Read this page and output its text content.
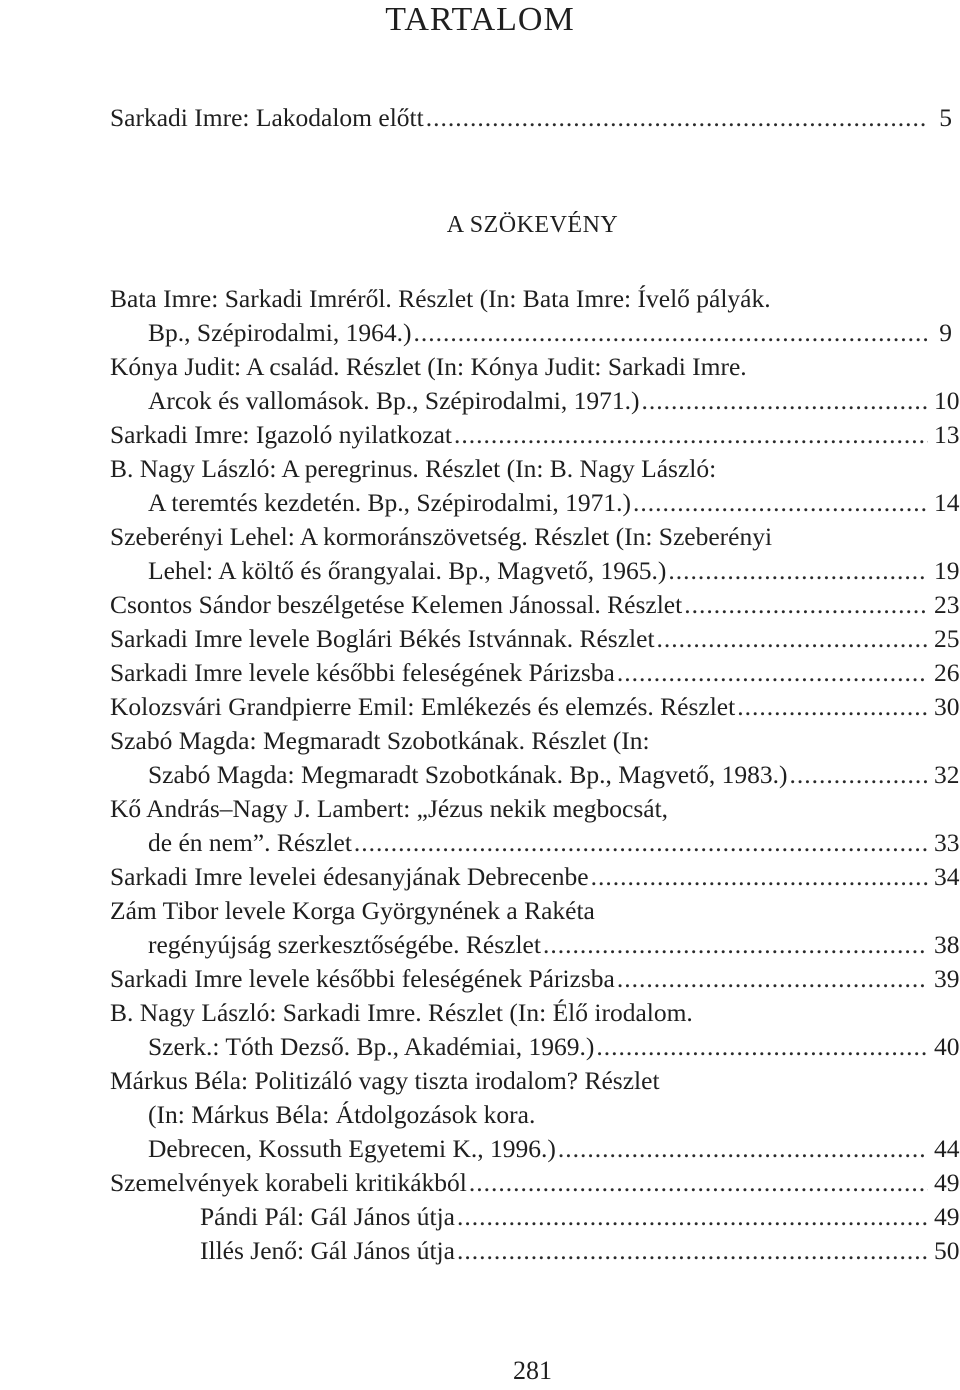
TARTALOM
A SZÖKEVÉNY
Sarkadi Imre: Lakodalom előtt .....	5
Bata Imre: Sarkadi Imréről. Részlet (In: Bata Imre: Ívelő pályák.
Bp., Szépirodalmi, 1964.) .....	9
Kónya Judit: A család. Részlet (In: Kónya Judit: Sarkadi Imre.
Arcok és vallomások. Bp., Szépirodalmi, 1971.) .....	10
Sarkadi Imre: Igazoló nyilatkozat .....	13
B. Nagy László: A peregrinus. Részlet (In: B. Nagy László:
A teremtés kezdetén. Bp., Szépirodalmi, 1971.) .....	14
Szeberényi Lehel: A kormoránszövetség. Részlet (In: Szeberényi
Lehel: A költő és őrangyalai. Bp., Magvető, 1965.) .....	19
Csontos Sándor beszélgetése Kelemen Jánossal. Részlet .....	23
Sarkadi Imre levele Boglári Békés Istvánnak. Részlet .....	25
Sarkadi Imre levele későbbi feleségének Párizsba .....	26
Kolozsvári Grandpierre Emil: Emlékezés és elemzés. Részlet .....	30
Szabó Magda: Megmaradt Szobotkának. Részlet (In:
Szabó Magda: Megmaradt Szobotkának. Bp., Magvető, 1983.) .....	32
Kő András–Nagy J. Lambert: „Jézus nekik megbocsát,
de én nem”. Részlet .....	33
Sarkadi Imre levelei édesanyjának Debrecenbe .....	34
Zám Tibor levele Korga Györgynének a Rakéta
regényújság szerkesztőségébe. Részlet .....	38
Sarkadi Imre levele későbbi feleségének Párizsba .....	39
B. Nagy László: Sarkadi Imre. Részlet (In: Élő irodalom.
Szerk.: Tóth Dezső. Bp., Akadémiai, 1969.) .....	40
Márkus Béla: Politizáló vagy tiszta irodalom? Részlet
(In: Márkus Béla: Átdolgozások kora.
Debrecen, Kossuth Egyetemi K., 1996.) .....	44
Szemelvények korabeli kritikákból .....	49
Pándi Pál: Gál János útja .....	49
Illés Jenő: Gál János útja .....	50
281
